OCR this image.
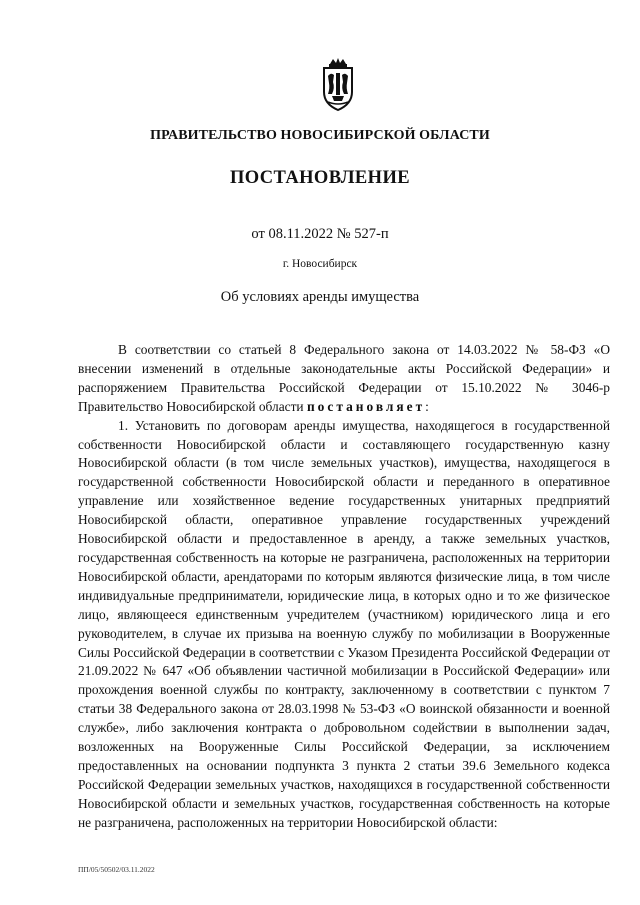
ПРАВИТЕЛЬСТВО НОВОСИБИРСКОЙ ОБЛАСТИ
ПОСТАНОВЛЕНИЕ
от 08.11.2022 № 527-п
г. Новосибирск
Об условиях аренды имущества

В соответствии со статьей 8 Федерального закона от 14.03.2022 № 58-ФЗ «О внесении изменений в отдельные законодательные акты Российской Федерации» и распоряжением Правительства Российской Федерации от 15.10.2022 № 3046-р Правительство Новосибирской области постановляет:

1. Установить по договорам аренды имущества, находящегося в государственной собственности Новосибирской области и составляющего государственную казну Новосибирской области (в том числе земельных участков), имущества, находящегося в государственной собственности Новосибирской области и переданного в оперативное управление или хозяйственное ведение государственных унитарных предприятий Новосибирской области, оперативное управление государственных учреждений Новосибирской области и предоставленное в аренду, а также земельных участков, государственная собственность на которые не разграничена, расположенных на территории Новосибирской области, арендаторами по которым являются физические лица, в том числе индивидуальные предприниматели, юридические лица, в которых одно и то же физическое лицо, являющееся единственным учредителем (участником) юридического лица и его руководителем, в случае их призыва на военную службу по мобилизации в Вооруженные Силы Российской Федерации в соответствии с Указом Президента Российской Федерации от 21.09.2022 № 647 «Об объявлении частичной мобилизации в Российской Федерации» или прохождения военной службы по контракту, заключенному в соответствии с пунктом 7 статьи 38 Федерального закона от 28.03.1998 № 53-ФЗ «О воинской обязанности и военной службе», либо заключения контракта о добровольном содействии в выполнении задач, возложенных на Вооруженные Силы Российской Федерации, за исключением предоставленных на основании подпункта 3 пункта 2 статьи 39.6 Земельного кодекса Российской Федерации земельных участков, находящихся в государственной собственности Новосибирской области и земельных участков, государственная собственность на которые не разграничена, расположенных на территории Новосибирской области:

ПП/05/50502/03.11.2022
